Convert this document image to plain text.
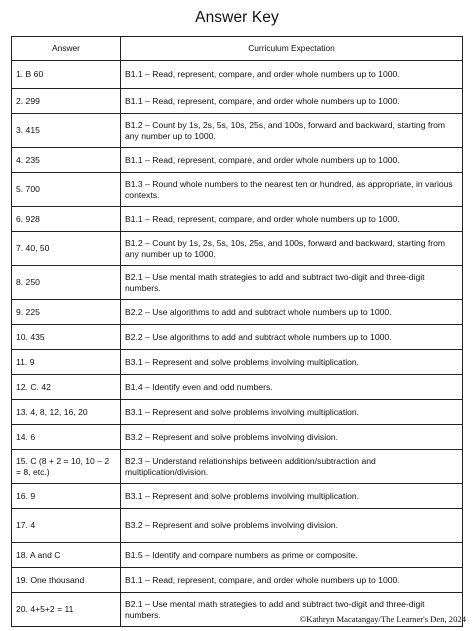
Answer Key
Answer	Curriculum Expectation
1. B 60	B1.1 – Read, represent, compare, and order whole numbers up to 1000.
2. 299	B1.1 – Read, represent, compare, and order whole numbers up to 1000.
3. 415	B1.2 – Count by 1s, 2s, 5s, 10s, 25s, and 100s, forward and backward, starting from any number up to 1000.
4. 235	B1.1 – Read, represent, compare, and order whole numbers up to 1000.
5. 700	B1.3 – Round whole numbers to the nearest ten or hundred, as appropriate, in various contexts.
6. 928	B1.1 – Read, represent, compare, and order whole numbers up to 1000.
7. 40, 50	B1.2 – Count by 1s, 2s, 5s, 10s, 25s, and 100s, forward and backward, starting from any number up to 1000.
8. 250	B2.1 – Use mental math strategies to add and subtract two-digit and three-digit numbers.
9. 225	B2.2 – Use algorithms to add and subtract whole numbers up to 1000.
10. 435	B2.2 – Use algorithms to add and subtract whole numbers up to 1000.
11. 9	B3.1 – Represent and solve problems involving multiplication.
12. C. 42	B1.4 – Identify even and odd numbers.
13. 4, 8, 12, 16, 20	B3.1 – Represent and solve problems involving multiplication.
14. 6	B3.2 – Represent and solve problems involving division.
15. C (8 + 2 = 10, 10 – 2 = 8, etc.)	B2.3 – Understand relationships between addition/subtraction and multiplication/division.
16. 9	B3.1 – Represent and solve problems involving multiplication.
17. 4	B3.2 – Represent and solve problems involving division.
18. A and C	B1.5 – Identify and compare numbers as prime or composite.
19. One thousand	B1.1 – Read, represent, compare, and order whole numbers up to 1000.
20. 4+5+2 = 11	B2.1 – Use mental math strategies to add and subtract two-digit and three-digit numbers.	©Kathryn Macatangay/The Learner's Den, 2024
